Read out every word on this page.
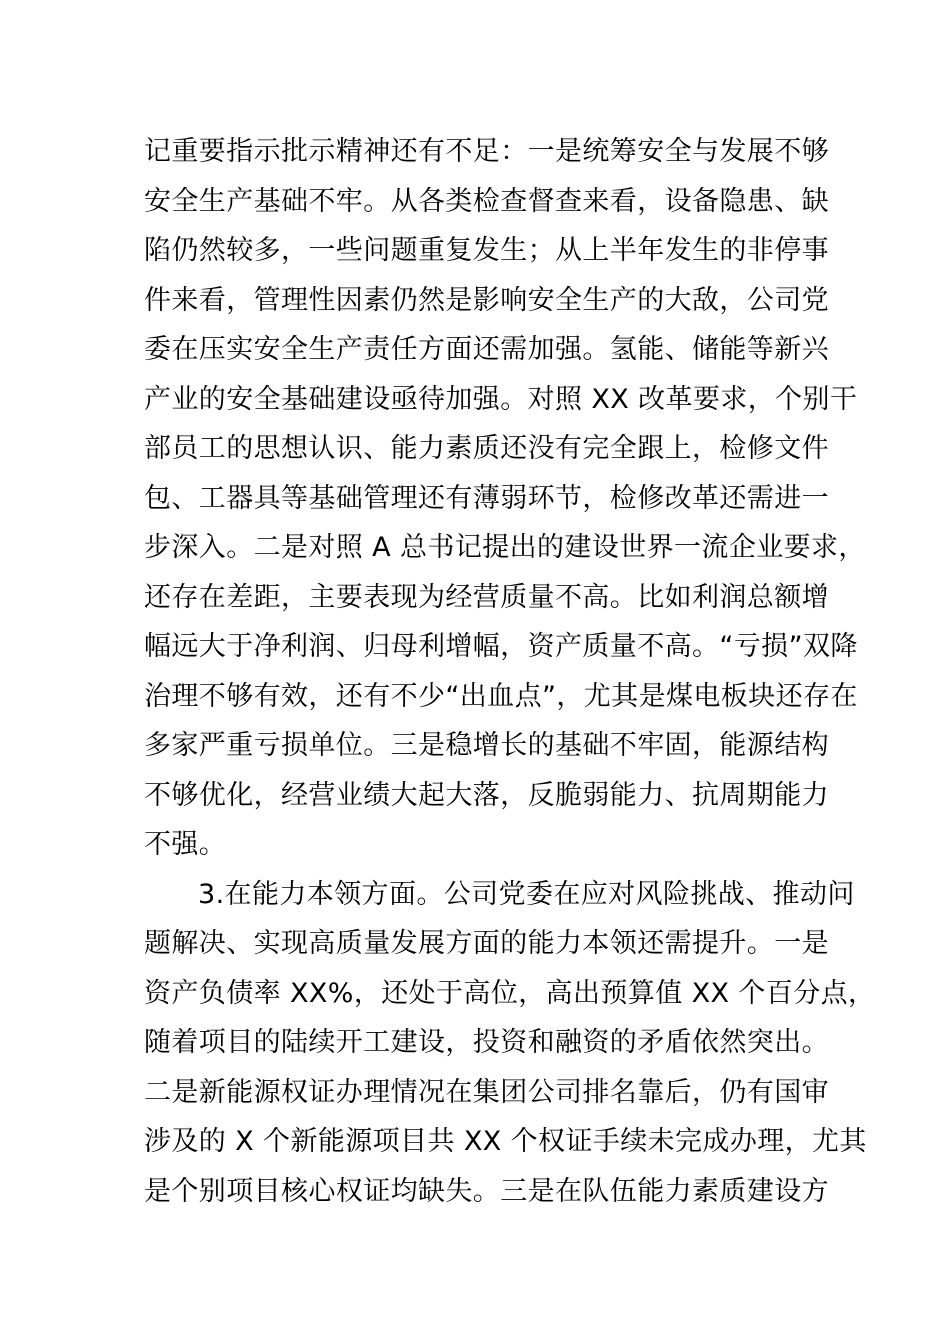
记重要指示批示精神还有不足：一是统筹安全与发展不够
安全生产基础不牢。从各类检查督查来看，设备隐患、缺
陷仍然较多，一些问题重复发生；从上半年发生的非停事
件来看，管理性因素仍然是影响安全生产的大敌，公司党
委在压实安全生产责任方面还需加强。氢能、储能等新兴
产业的安全基础建设亟待加强。对照 XX 改革要求，个别干
部员工的思想认识、能力素质还没有完全跟上，检修文件
包、工器具等基础管理还有薄弱环节，检修改革还需进一
步深入。二是对照 A 总书记提出的建设世界一流企业要求，
还存在差距，主要表现为经营质量不高。比如利润总额增
幅远大于净利润、归母利增幅，资产质量不高。“亏损”双降
治理不够有效，还有不少“出血点”，尤其是煤电板块还存在
多家严重亏损单位。三是稳增长的基础不牢固，能源结构
不够优化，经营业绩大起大落，反脆弱能力、抗周期能力
不强。
3.在能力本领方面。公司党委在应对风险挑战、推动问
题解决、实现高质量发展方面的能力本领还需提升。一是
资产负债率 XX%，还处于高位，高出预算值 XX 个百分点，
随着项目的陆续开工建设，投资和融资的矛盾依然突出。
二是新能源权证办理情况在集团公司排名靠后，仍有国审
涉及的 X 个新能源项目共 XX 个权证手续未完成办理，尤其
是个别项目核心权证均缺失。三是在队伍能力素质建设方
